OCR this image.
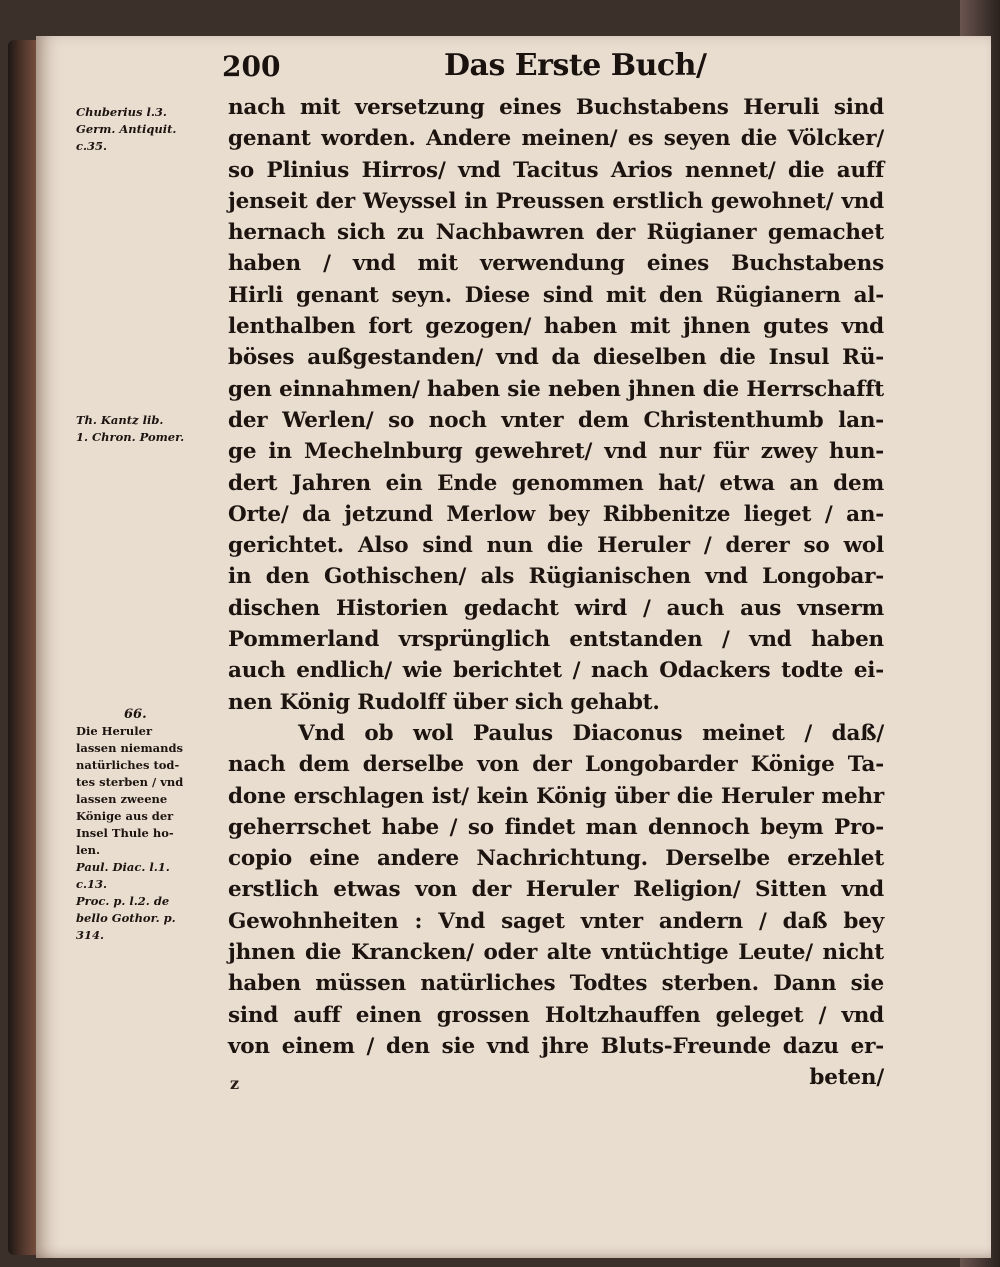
200	Das Erste Buch/
nach mit versetzung eines Buchstabens Heruli sind
genant worden. Andere meinen/ es seyen die Völcker/
so Plinius Hirros/ vnd Tacitus Arios nennet/ die auff
jenseit der Weyssel in Preussen erstlich gewohnet/ vnd
hernach sich zu Nachbawren der Rügianer gemachet
haben / vnd mit verwendung eines Buchstabens
Hirli genant seyn. Diese sind mit den Rügianern al-
lenthalben fort gezogen/ haben mit jhnen gutes vnd
böses außgestanden/ vnd da dieselben die Insul Rü-
gen einnahmen/ haben sie neben jhnen die Herrschafft
der Werlen/ so noch vnter dem Christenthumb lan-
ge in Mechelnburg gewehret/ vnd nur für zwey hun-
dert Jahren ein Ende genommen hat/ etwa an dem
Orte/ da jetzund Merlow bey Ribbenitze lieget / an-
gerichtet. Also sind nun die Heruler / derer so wol
in den Gothischen/ als Rügianischen vnd Longobar-
dischen Historien gedacht wird / auch aus vnserm
Pommerland vrsprünglich entstanden / vnd haben
auch endlich/ wie berichtet / nach Odackers todte ei-
nen König Rudolff über sich gehabt.
Vnd ob wol Paulus Diaconus meinet / daß/
nach dem derselbe von der Longobarder Könige Ta-
done erschlagen ist/ kein König über die Heruler mehr
geherrschet habe / so findet man dennoch beym Pro-
copio eine andere Nachrichtung. Derselbe erzehlet
erstlich etwas von der Heruler Religion/ Sitten vnd
Gewohnheiten : Vnd saget vnter andern / daß bey
jhnen die Krancken/ oder alte vntüchtige Leute/ nicht
haben müssen natürliches Todtes sterben. Dann sie
sind auff einen grossen Holtzhauffen geleget / vnd
von einem / den sie vnd jhre Bluts-Freunde dazu er-
beten/
Chuberius l.3.
Germ. Antiquit.
c.35.
Th. Kantz lib.
1. Chron. Pomer.
66.
Die Heruler
lassen niemands
natürliches tod-
tes sterben / vnd
lassen zweene
Könige aus der
Insel Thule ho-
len.
Paul. Diac. l.1.
c.13.
Proc. p. l.2. de
bello Gothor. p.
314.
z
